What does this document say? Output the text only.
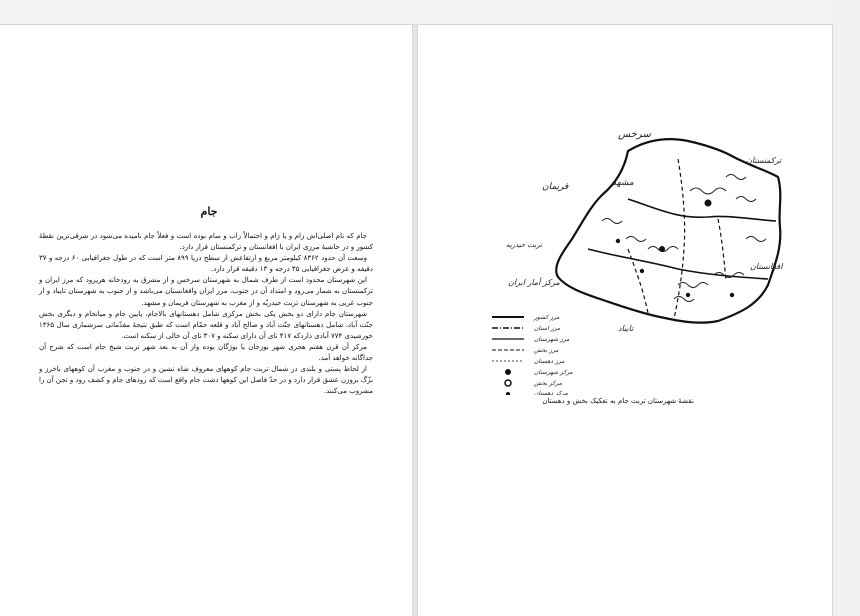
جام

جام که نام اصلی‌اش زام و یا ژام و احتمالاً زاب و سام بوده است و فعلاً جام نامیده می‌شود در شرقی‌ترین نقطهٔ کشور و در حاشیهٔ مرزی ایران با افغانستان و ترکمنستان قرار دارد.

وسعت آن حدود ۸۳۶۲ کیلومتر مربع و ارتفاعش از سطح دریا ۸۹۹ متر است که در طول جغرافیایی ۶۰ درجه و ۳۷ دقیقه و عرض جغرافیایی ۳۵ درجه و ۱۳ دقیقه قرار دارد.

این شهرستان محدود است از طرف شمال به شهرستان سرخس و از مشرق به رودخانه هریرود که مرز ایران و ترکمنستان به شمار می‌رود و امتداد آن در جنوب، مرز ایران وافغانستان می‌باشد و از جنوب به شهرستان تایباد و از جنوب غربی به شهرستان تربت حیدریّه و از مغرب به شهرستان فریمان و مشهد.

شهرستان جام دارای دو بخش یکی بخش مرکزی شامل دهستانهای بالاجام، پایین جام و میانجام و دیگری بخش جنّت آباد، شامل دهستانهای جنّت آباد و صالح آباد و قلعه حمّام است که طبق نتیجهٔ مقدّماتی سرشماری سال ۱۳۶۵ خورشیدی ۷۷۴ آبادی داردکه ۴۱۷ تای آن دارای سکنه و ۳۰۷ تای آن خالی از سکنه است.

مرکز آن قرن هفتم هجری شهر بوزجان یا بوژگان بوده واز آن به بعد شهر تربت شیخ جام است که شرح آن جداگانه خواهد آمد.

از لحاظ پستی و بلندی در شمال تربت جام کوههای معروف شاه نشین و در جنوب و مغرب آن کوههای باخرز و بزّگ بروزن عشق قرار دارد و در حدّ فاصل این کوهها دشت جام واقع است که رودهای جام و کشف رود و تجن آن را مشروب می‌کنند.

سرخس
مشهد
ترکمنستان
فریمان
افغانستان
تربت حیدریه
مرکز آمار ایران
تایباد
مرز کشور
مرز استان
مرز شهرستان
مرز بخش
مرز دهستان
مرکز شهرستان
مرکز بخش
مرکز دهستان
نقشهٔ شهرستان تربت جام به تفکیک بخش و دهستان
